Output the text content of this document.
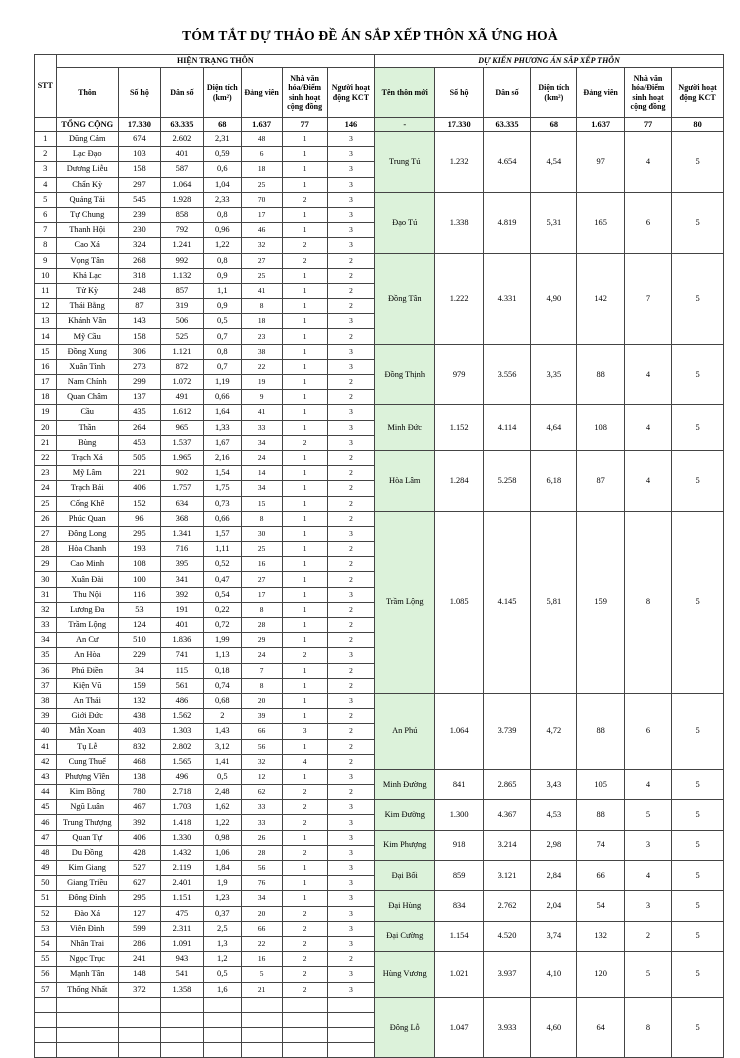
TÓM TẮT DỰ THẢO ĐỀ ÁN SẮP XẾP THÔN XÃ ỨNG HOÀ
STT	HIỆN TRẠNG THÔN							DỰ KIẾN PHƯƠNG ÁN SẮP XẾP THÔN						
	Thôn	Số hộ	Dân số	Diện tích (km²)	Đảng viên	Nhà văn hóa/Điểm sinh hoạt cộng đồng	Người hoạt động KCT	Tên thôn mới	Số hộ	Dân số	Diện tích (km²)	Đảng viên	Nhà văn hóa/Điểm sinh hoạt cộng đồng	Người hoạt động KCT
	TỔNG CỘNG	17.330	63.335	68	1.637	77	146	-	17.330	63.335	68	1.637	77	80
1	Dũng Cảm	674	2.602	2,31	48	1	3	Trung Tú	1.232	4.654	4,54	97	4	5
2	Lạc Đạo	103	401	0,59	6	1	3							
3	Dương Liễu	158	587	0,6	18	1	3							
4	Chẩn Kỳ	297	1.064	1,04	25	1	3							
5	Quảng Tái	545	1.928	2,33	70	2	3	Đạo Tú	1.338	4.819	5,31	165	6	5
6	Tự Chung	239	858	0,8	17	1	3							
7	Thanh Hội	230	792	0,96	46	1	3							
8	Cao Xá	324	1.241	1,22	32	2	3							
9	Vọng Tân	268	992	0,8	27	2	2	Đồng Tân	1.222	4.331	4,90	142	7	5
10	Khả Lạc	318	1.132	0,9	25	1	2							
11	Tử Kỳ	248	857	1,1	41	1	2							
12	Thái Bằng	87	319	0,9	8	1	2							
13	Khánh Vân	143	506	0,5	18	1	3							
14	Mỹ Cầu	158	525	0,7	23	1	2							
15	Đồng Xung	306	1.121	0,8	38	1	3	Đồng Thịnh	979	3.556	3,35	88	4	5
16	Xuân Tình	273	872	0,7	22	1	3							
17	Nam Chính	299	1.072	1,19	19	1	2							
18	Quan Châm	137	491	0,66	9	1	2							
19	Cầu	435	1.612	1,64	41	1	3	Minh Đức	1.152	4.114	4,64	108	4	5
20	Thần	264	965	1,33	33	1	3							
21	Bùng	453	1.537	1,67	34	2	3							
22	Trạch Xá	505	1.965	2,16	24	1	2	Hòa Lâm	1.284	5.258	6,18	87	4	5
23	Mỹ Lâm	221	902	1,54	14	1	2							
24	Trạch Bái	406	1.757	1,75	34	1	2							
25	Cống Khê	152	634	0,73	15	1	2							
26	Phúc Quan	96	368	0,66	8	1	2	Trầm Lộng	1.085	4.145	5,81	159	8	5
27	Đông Long	295	1.341	1,57	30	1	3							
28	Hòa Chanh	193	716	1,11	25	1	2							
29	Cao Minh	108	395	0,52	16	1	2							
30	Xuân Đài	100	341	0,47	27	1	2							
31	Thu Nội	116	392	0,54	17	1	3							
32	Lương Đa	53	191	0,22	8	1	2							
33	Trầm Lộng	124	401	0,72	28	1	2							
34	An Cư	510	1.836	1,99	29	1	2							
35	An Hòa	229	741	1,13	24	2	3							
36	Phú Điền	34	115	0,18	7	1	2							
37	Kiện Vũ	159	561	0,74	8	1	2							
38	An Thái	132	486	0,68	20	1	3	An Phú	1.064	3.739	4,72	88	6	5
39	Giới Đức	438	1.562	2	39	1	2							
40	Mẫn Xoan	403	1.303	1,43	66	3	2							
41	Tụ Lễ	832	2.802	3,12	56	1	2							
42	Cung Thuế	468	1.565	1,41	32	4	2							
43	Phượng Vĩên	138	496	0,5	12	1	3	Minh Đường	841	2.865	3,43	105	4	5
44	Kim Bồng	780	2.718	2,48	62	2	2							
45	Ngũ Luân	467	1.703	1,62	33	2	3	Kim Đường	1.300	4.367	4,53	88	5	5
46	Trung Thượng	392	1.418	1,22	33	2	3							
47	Quan Tự	406	1.330	0,98	26	1	3	Kim Phượng	918	3.214	2,98	74	3	5
48	Du Đồng	428	1.432	1,06	28	2	3							
49	Kim Giang	527	2.119	1,84	56	1	3	Đại Bối	859	3.121	2,84	66	4	5
50	Giang Triều	627	2.401	1,9	76	1	3							
51	Đông Đình	295	1.151	1,23	34	1	3	Đại Hùng	834	2.762	2,04	54	3	5
52	Đào Xá	127	475	0,37	20	2	3							
53	Viên Đình	599	2.311	2,5	66	2	3	Đại Cường	1.154	4.520	3,74	132	2	5
54	Nhân Trai	286	1.091	1,3	22	2	3							
55	Ngọc Trục	241	943	1,2	16	2	2	Hùng Vương	1.021	3.937	4,10	120	5	5
56	Mạnh Tân	148	541	0,5	5	2	3							
57	Thống Nhất	372	1.358	1,6	21	2	3							
								Đông Lỗ	1.047	3.933	4,60	64	8	5
